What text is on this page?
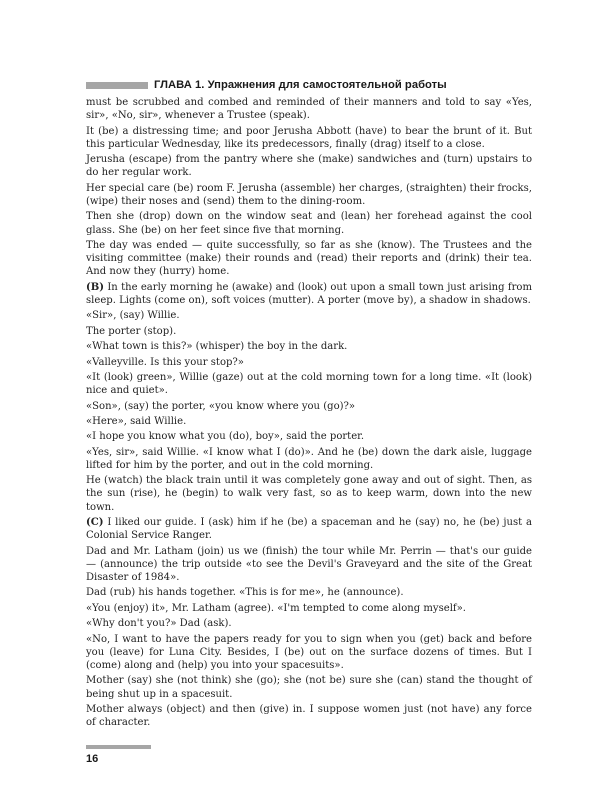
ГЛАВА 1. Упражнения для самостоятельной работы

must be scrubbed and combed and reminded of their manners and told to say «Yes, sir», «No, sir», whenever a Trustee (speak).

It (be) a distressing time; and poor Jerusha Abbott (have) to bear the brunt of it. But this particular Wednesday, like its predecessors, finally (drag) itself to a close.

Jerusha (escape) from the pantry where she (make) sandwiches and (turn) upstairs to do her regular work.

Her special care (be) room F. Jerusha (assemble) her charges, (straighten) their frocks, (wipe) their noses and (send) them to the dining-room.

Then she (drop) down on the window seat and (lean) her forehead against the cool glass. She (be) on her feet since five that morning.

The day was ended — quite successfully, so far as she (know). The Trustees and the visiting committee (make) their rounds and (read) their reports and (drink) their tea. And now they (hurry) home.

(B) In the early morning he (awake) and (look) out upon a small town just arising from sleep. Lights (come on), soft voices (mutter). A porter (move by), a shadow in shadows.

«Sir», (say) Willie.

The porter (stop).

«What town is this?» (whisper) the boy in the dark.

«Valleyville. Is this your stop?»

«It (look) green», Willie (gaze) out at the cold morning town for a long time. «It (look) nice and quiet».

«Son», (say) the porter, «you know where you (go)?»

«Here», said Willie.

«I hope you know what you (do), boy», said the porter.

«Yes, sir», said Willie. «I know what I (do)». And he (be) down the dark aisle, luggage lifted for him by the porter, and out in the cold morning.

He (watch) the black train until it was completely gone away and out of sight. Then, as the sun (rise), he (begin) to walk very fast, so as to keep warm, down into the new town.

(C) I liked our guide. I (ask) him if he (be) a spaceman and he (say) no, he (be) just a Colonial Service Ranger.

Dad and Mr. Latham (join) us we (finish) the tour while Mr. Perrin — that's our guide — (announce) the trip outside «to see the Devil's Graveyard and the site of the Great Disaster of 1984».

Dad (rub) his hands together. «This is for me», he (announce).

«You (enjoy) it», Mr. Latham (agree). «I'm tempted to come along myself».

«Why don't you?» Dad (ask).

«No, I want to have the papers ready for you to sign when you (get) back and before you (leave) for Luna City. Besides, I (be) out on the surface dozens of times. But I (come) along and (help) you into your spacesuits».

Mother (say) she (not think) she (go); she (not be) sure she (can) stand the thought of being shut up in a spacesuit.

Mother always (object) and then (give) in. I suppose women just (not have) any force of character.

16
